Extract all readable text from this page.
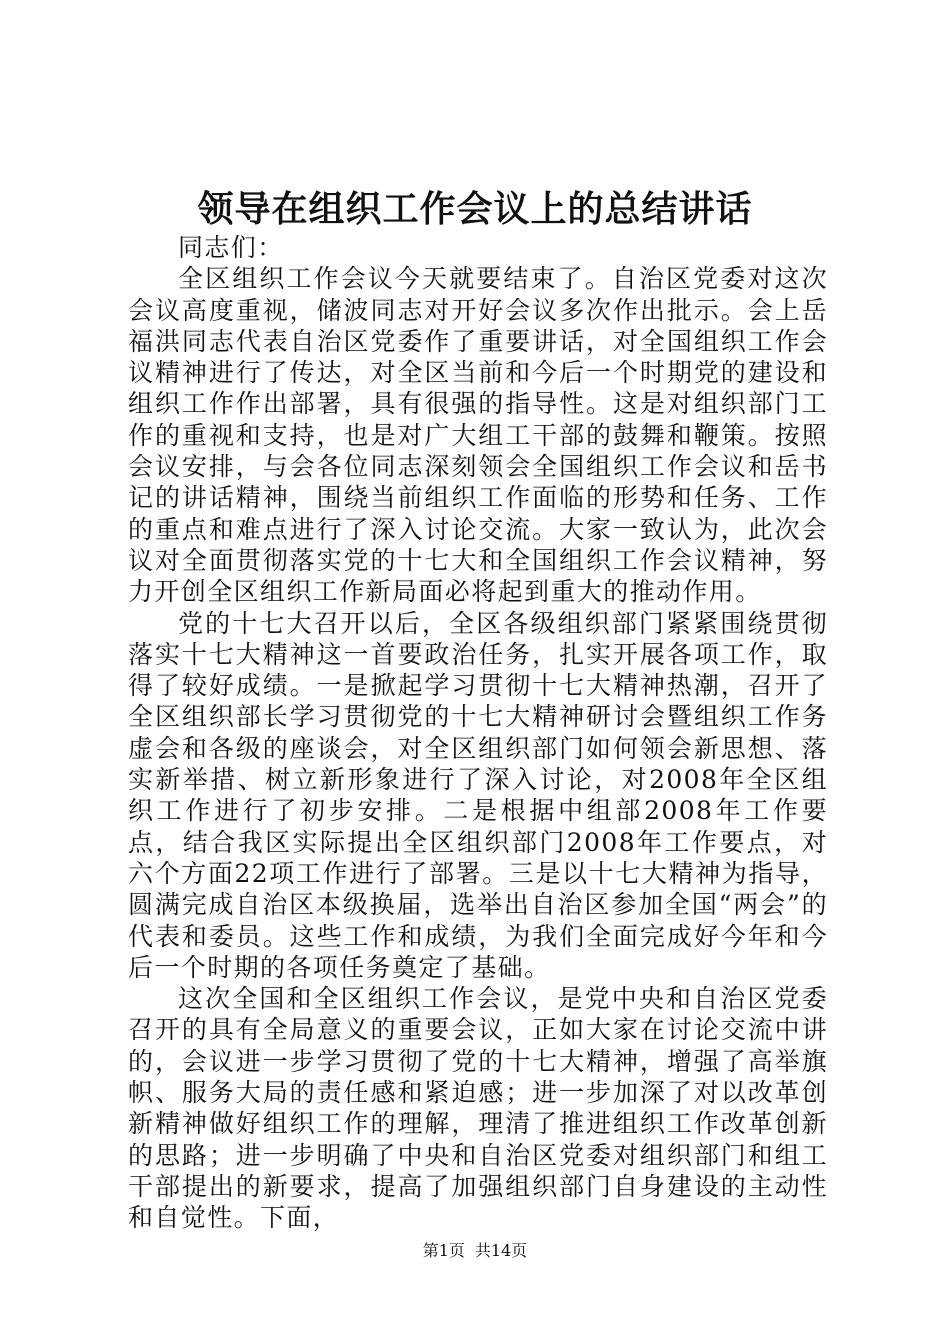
领导在组织工作会议上的总结讲话
同志们：

全区组织工作会议今天就要结束了。自治区党委对这次会议高度重视，储波同志对开好会议多次作出批示。会上岳福洪同志代表自治区党委作了重要讲话，对全国组织工作会议精神进行了传达，对全区当前和今后一个时期党的建设和组织工作作出部署，具有很强的指导性。这是对组织部门工作的重视和支持，也是对广大组工干部的鼓舞和鞭策。按照会议安排，与会各位同志深刻领会全国组织工作会议和岳书记的讲话精神，围绕当前组织工作面临的形势和任务、工作的重点和难点进行了深入讨论交流。大家一致认为，此次会议对全面贯彻落实党的十七大和全国组织工作会议精神，努力开创全区组织工作新局面必将起到重大的推动作用。

党的十七大召开以后，全区各级组织部门紧紧围绕贯彻落实十七大精神这一首要政治任务，扎实开展各项工作，取得了较好成绩。一是掀起学习贯彻十七大精神热潮，召开了全区组织部长学习贯彻党的十七大精神研讨会暨组织工作务虚会和各级的座谈会，对全区组织部门如何领会新思想、落实新举措、树立新形象进行了深入讨论，对2008年全区组织工作进行了初步安排。二是根据中组部2008年工作要点，结合我区实际提出全区组织部门2008年工作要点，对六个方面22项工作进行了部署。三是以十七大精神为指导，圆满完成自治区本级换届，选举出自治区参加全国“两会”的代表和委员。这些工作和成绩，为我们全面完成好今年和今后一个时期的各项任务奠定了基础。

这次全国和全区组织工作会议，是党中央和自治区党委召开的具有全局意义的重要会议，正如大家在讨论交流中讲的，会议进一步学习贯彻了党的十七大精神，增强了高举旗帜、服务大局的责任感和紧迫感；进一步加深了对以改革创新精神做好组织工作的理解，理清了推进组织工作改革创新的思路；进一步明确了中央和自治区党委对组织部门和组工干部提出的新要求，提高了加强组织部门自身建设的主动性和自觉性。下面，

第1页 共14页
